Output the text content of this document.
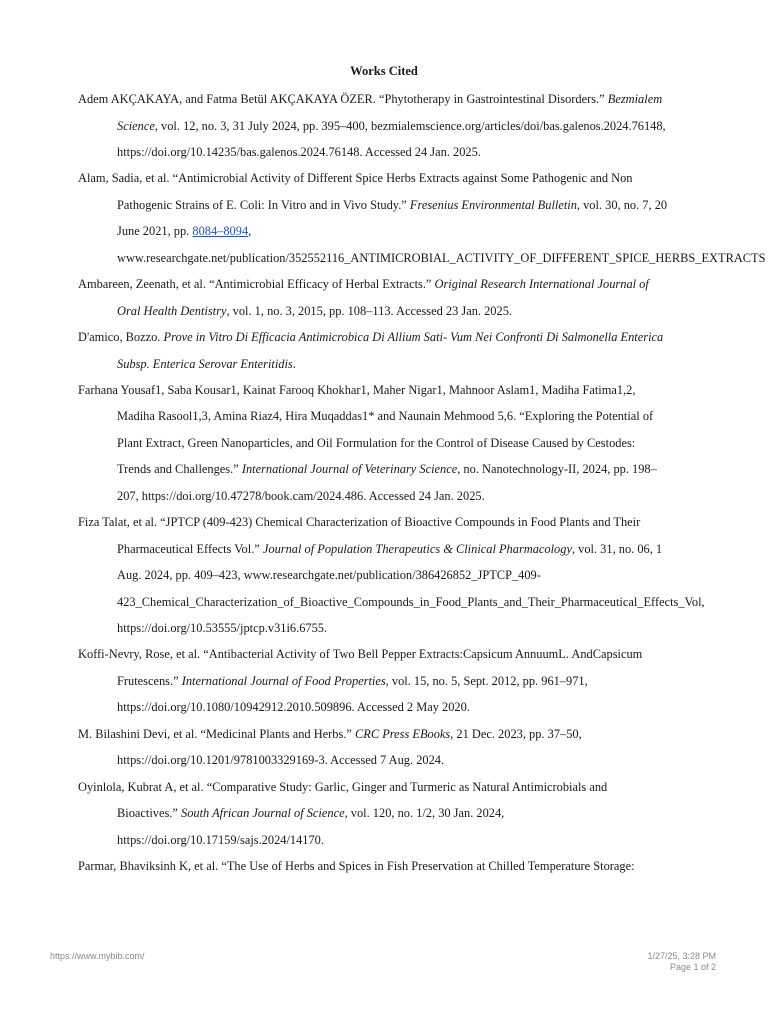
Works Cited
Adem AKÇAKAYA, and Fatma Betül AKÇAKAYA ÖZER. “Phytotherapy in Gastrointestinal Disorders.” Bezmialem
Science, vol. 12, no. 3, 31 July 2024, pp. 395–400, bezmialemscience.org/articles/doi/bas.galenos.2024.76148,
https://doi.org/10.14235/bas.galenos.2024.76148. Accessed 24 Jan. 2025.
Alam, Sadia, et al. “Antimicrobial Activity of Different Spice Herbs Extracts against Some Pathogenic and Non
Pathogenic Strains of E. Coli: In Vitro and in Vivo Study.” Fresenius Environmental Bulletin, vol. 30, no. 7, 20
June 2021, pp. 8084–8094,
www.researchgate.net/publication/352552116_ANTIMICROBIAL_ACTIVITY_OF_DIFFERENT_SPICE_HERBS_EXTRACTS
Ambareen, Zeenath, et al. “Antimicrobial Efficacy of Herbal Extracts.” Original Research International Journal of
Oral Health Dentistry, vol. 1, no. 3, 2015, pp. 108–113. Accessed 23 Jan. 2025.
D'amico, Bozzo. Prove in Vitro Di Efficacia Antimicrobica Di Allium Sati- Vum Nei Confronti Di Salmonella Enterica
Subsp. Enterica Serovar Enteritidis.
Farhana Yousaf1, Saba Kousar1, Kainat Farooq Khokhar1, Maher Nigar1, Mahnoor Aslam1, Madiha Fatima1,2,
Madiha Rasool1,3, Amina Riaz4, Hira Muqaddas1* and Naunain Mehmood 5,6. “Exploring the Potential of
Plant Extract, Green Nanoparticles, and Oil Formulation for the Control of Disease Caused by Cestodes:
Trends and Challenges.” International Journal of Veterinary Science, no. Nanotechnology-II, 2024, pp. 198–
207, https://doi.org/10.47278/book.cam/2024.486. Accessed 24 Jan. 2025.
Fiza Talat, et al. “JPTCP (409-423) Chemical Characterization of Bioactive Compounds in Food Plants and Their
Pharmaceutical Effects Vol.” Journal of Population Therapeutics & Clinical Pharmacology, vol. 31, no. 06, 1
Aug. 2024, pp. 409–423, www.researchgate.net/publication/386426852_JPTCP_409-
423_Chemical_Characterization_of_Bioactive_Compounds_in_Food_Plants_and_Their_Pharmaceutical_Effects_Vol,
https://doi.org/10.53555/jptcp.v31i6.6755.
Koffi-Nevry, Rose, et al. “Antibacterial Activity of Two Bell Pepper Extracts:Capsicum AnnuumL. AndCapsicum
Frutescens.” International Journal of Food Properties, vol. 15, no. 5, Sept. 2012, pp. 961–971,
https://doi.org/10.1080/10942912.2010.509896. Accessed 2 May 2020.
M. Bilashini Devi, et al. “Medicinal Plants and Herbs.” CRC Press EBooks, 21 Dec. 2023, pp. 37–50,
https://doi.org/10.1201/9781003329169-3. Accessed 7 Aug. 2024.
Oyinlola, Kubrat A, et al. “Comparative Study: Garlic, Ginger and Turmeric as Natural Antimicrobials and
Bioactives.” South African Journal of Science, vol. 120, no. 1/2, 30 Jan. 2024,
https://doi.org/10.17159/sajs.2024/14170.
Parmar, Bhaviksinh K, et al. “The Use of Herbs and Spices in Fish Preservation at Chilled Temperature Storage:
https://www.mybib.com/	1/27/25, 3:28 PM
Page 1 of 2
